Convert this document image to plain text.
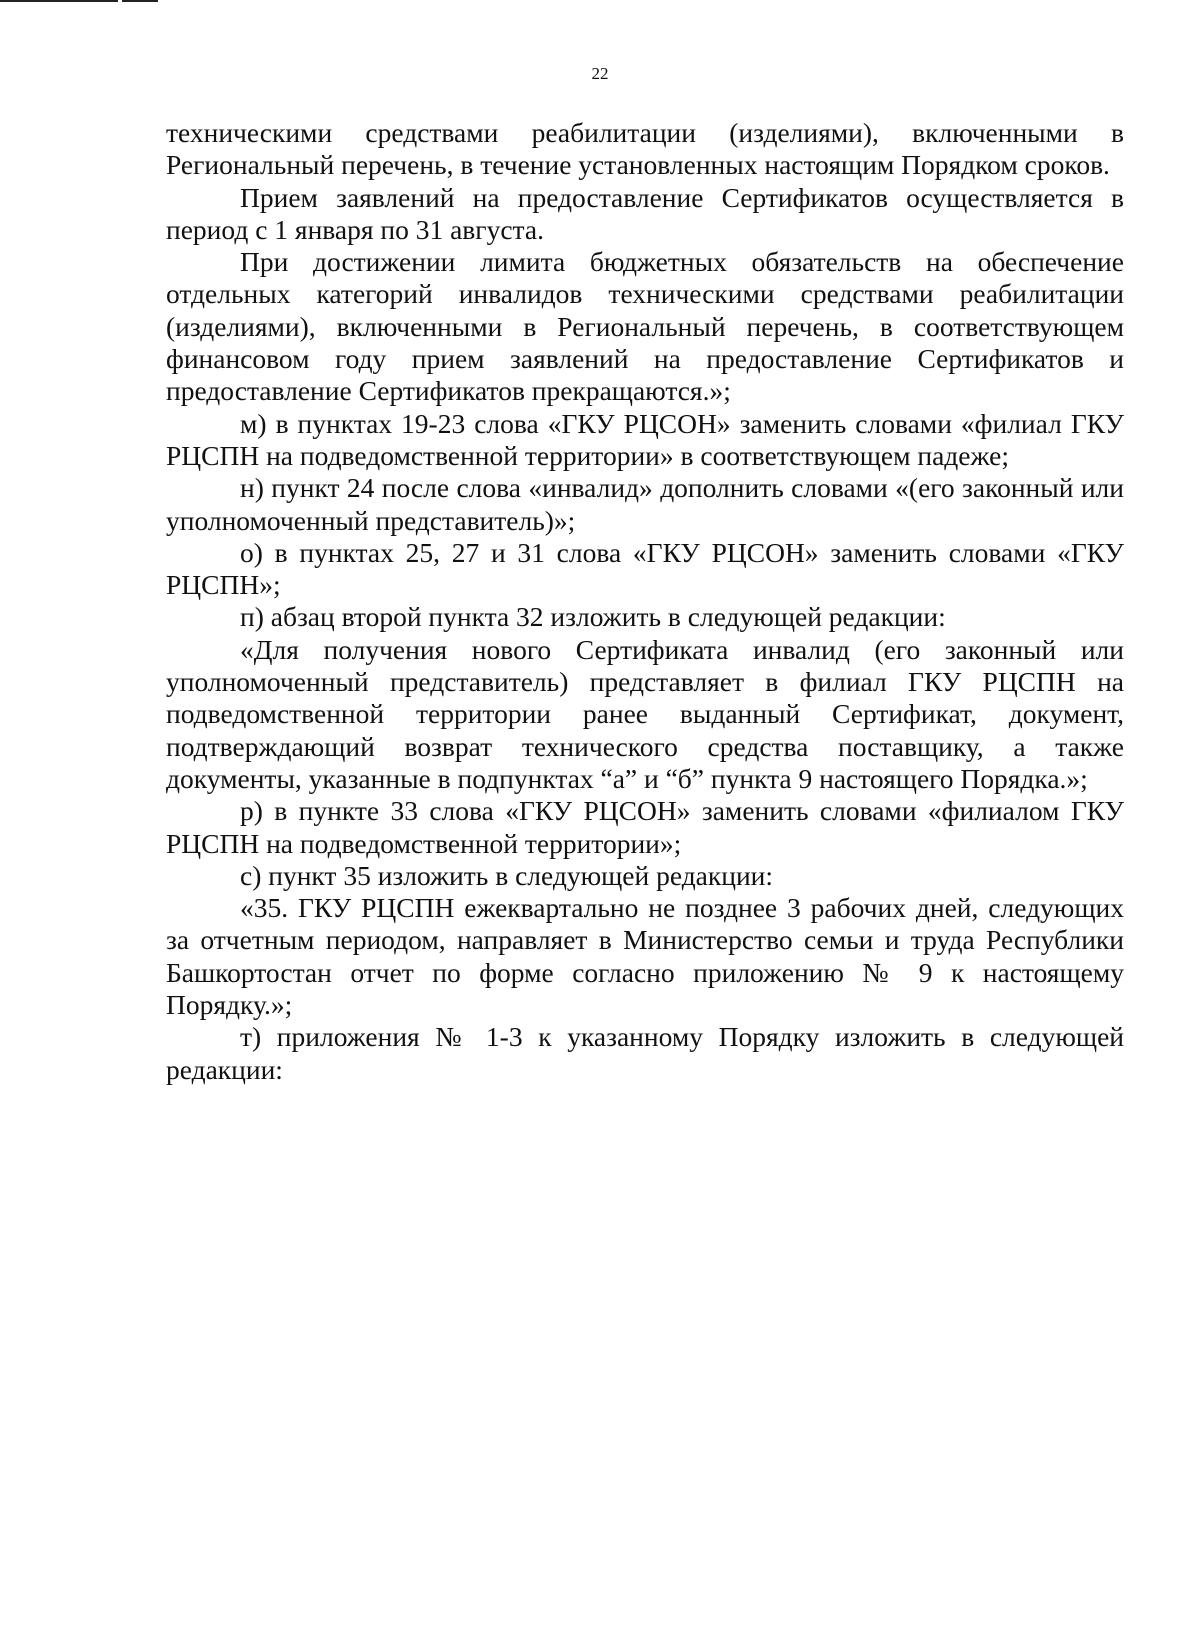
22

техническими средствами реабилитации (изделиями), включенными в Региональный перечень, в течение установленных настоящим Порядком сроков.

Прием заявлений на предоставление Сертификатов осуществляется в период с 1 января по 31 августа.

При достижении лимита бюджетных обязательств на обеспечение отдельных категорий инвалидов техническими средствами реабилитации (изделиями), включенными в Региональный перечень, в соответствующем финансовом году прием заявлений на предоставление Сертификатов и предоставление Сертификатов прекращаются.»;

м) в пунктах 19-23 слова «ГКУ РЦСОН» заменить словами «филиал ГКУ РЦСПН на подведомственной территории» в соответствующем падеже;

н) пункт 24 после слова «инвалид» дополнить словами «(его законный или уполномоченный представитель)»;

о) в пунктах 25, 27 и 31 слова «ГКУ РЦСОН» заменить словами «ГКУ РЦСПН»;

п) абзац второй пункта 32 изложить в следующей редакции:

«Для получения нового Сертификата инвалид (его законный или уполномоченный представитель) представляет в филиал ГКУ РЦСПН на подведомственной территории ранее выданный Сертификат, документ, подтверждающий возврат технического средства поставщику, а также документы, указанные в подпунктах “а” и “б” пункта 9 настоящего Порядка.»;

р) в пункте 33 слова «ГКУ РЦСОН» заменить словами «филиалом ГКУ РЦСПН на подведомственной территории»;

с) пункт 35 изложить в следующей редакции:

«35. ГКУ РЦСПН ежеквартально не позднее 3 рабочих дней, следующих за отчетным периодом, направляет в Министерство семьи и труда Республики Башкортостан отчет по форме согласно приложению № 9 к настоящему Порядку.»;

т) приложения № 1-3 к указанному Порядку изложить в следующей редакции:
